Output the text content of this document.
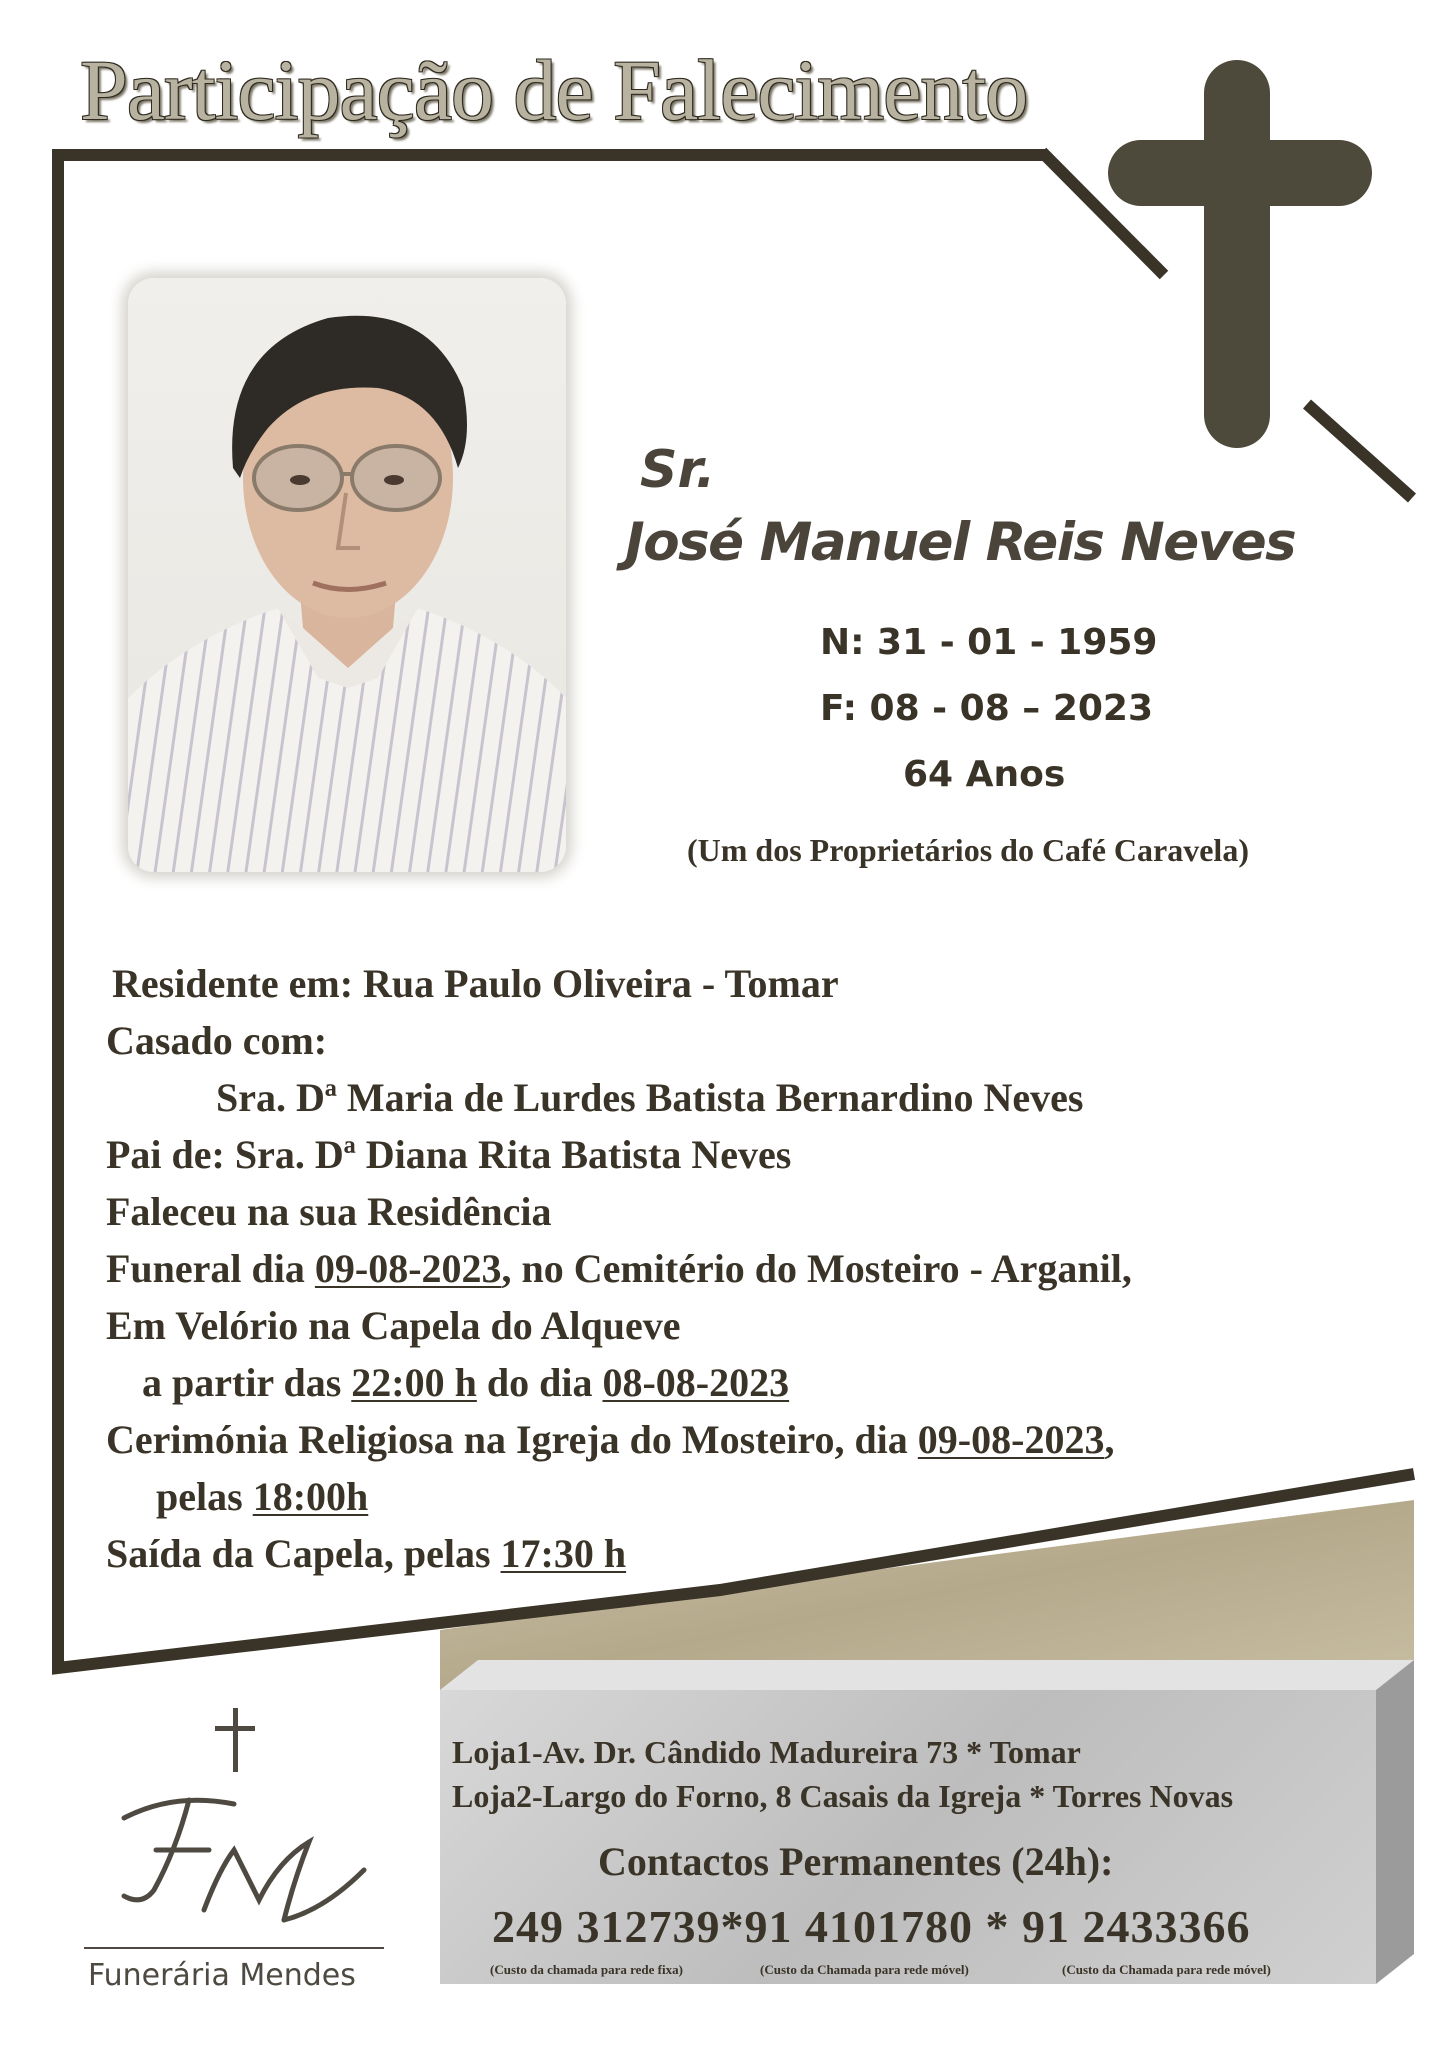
Participação de Falecimento
Sr.
José Manuel Reis Neves
N: 31 - 01 - 1959
F: 08 - 08 – 2023
64 Anos
(Um dos Proprietários do Café Caravela)
Residente em: Rua Paulo Oliveira - Tomar
Casado com:
Sra. Dª Maria de Lurdes Batista Bernardino Neves
Pai de: Sra. Dª Diana Rita Batista Neves
Faleceu na sua Residência
Funeral dia 09-08-2023, no Cemitério do Mosteiro - Arganil,
Em Velório na Capela do Alqueve
a partir das 22:00 h do dia 08-08-2023
Cerimónia Religiosa na Igreja do Mosteiro, dia 09-08-2023,
pelas 18:00h
Saída da Capela, pelas 17:30 h
Loja1-Av. Dr. Cândido Madureira 73 * Tomar
Loja2-Largo do Forno, 8 Casais da Igreja * Torres Novas
Contactos Permanentes (24h):
249 312739*91 4101780 * 91 2433366
(Custo da chamada para rede fixa)	(Custo da Chamada para rede móvel)	(Custo da Chamada para rede móvel)
Funerária Mendes
